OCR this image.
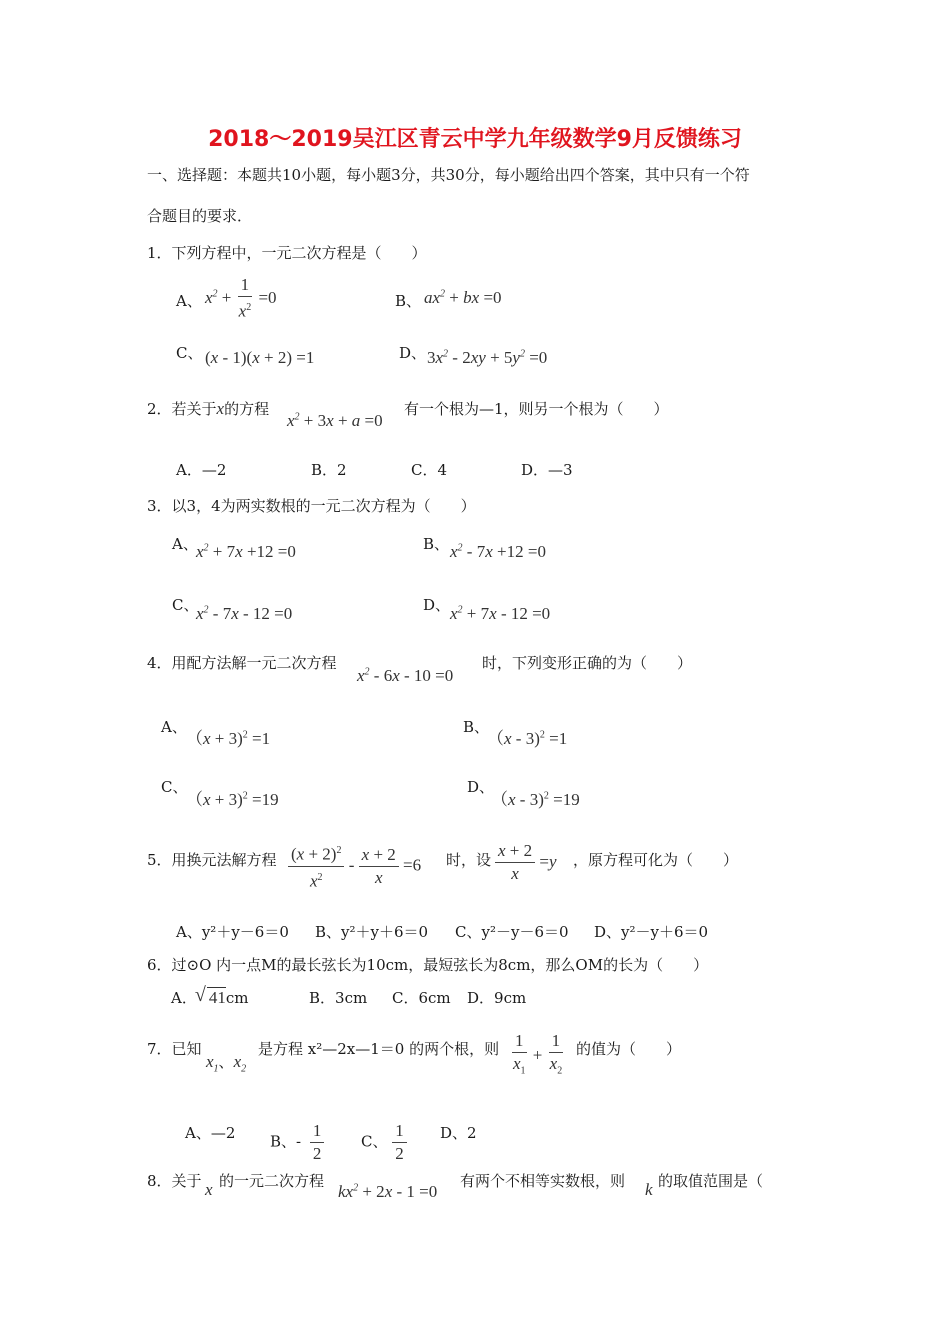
2018～2019吴江区青云中学九年级数学9月反馈练习
一、选择题：本题共10小题，每小题3分，共30分，每小题给出四个答案，其中只有一个符
合题目的要求．
1．下列方程中，一元二次方程是（　　）
A、 $x^2 + \frac{1}{x^2} =0$	B、 $ax^2$ + bx =0
C、 (x - 1)(x + 2) =1	D、 $3x^2 - 2xy + 5y^2 =0$
2．若关于x的方程
$x^2 + 3x + a =0$
有一个根为—1，则另一个根为（　　）
A．—2	B．2	C．4	D．—3
3．以3，4为两实数根的一元二次方程为（　　）
A、
$x^2 + 7x +12 =0$	B、 $x^2 - 7x +12 =0$
C、
$x^2 - 7x - 12 =0$	D、 $x^2 + 7x - 12 =0$
4．用配方法解一元二次方程
$x^2 - 6x - 10 =0$
时，下列变形正确的为（　　）
A、
（x + 3)$^2$ =1
B、
（x - 3)$^2$ =1
C、
（x + 3)$^2$ =19
D、
（x - 3)$^2$ =19
5．用换元法解方程 $\frac{(x + 2)^2}{x^2} - \frac{x + 2}{x} =6$ 时，设 $\frac{x + 2}{x} =y$ ，原方程可化为（　　）
A、y²＋y－6＝0 B、y²＋y＋6＝0 C、y²－y－6＝0 D、y²－y＋6＝0
6．过⊙O 内一点M的最长弦长为10cm，最短弦长为8cm，那么OM的长为（　　）
A．√ 41cm	B．3cm C．6cm D．9cm
7．已知
$x_1$、$x_2$
是方程 x²—2x—1＝0 的两个根，则 $\frac{1}{x_1} + \frac{1}{x_2}$ 的值为（　　）
A、—2 B、- $\frac{1}{2}$ C、 $\frac{1}{2}$ D、2
8．关于 x 的一元二次方程
$kx^2 + 2x - 1 =0$
有两个不相等实数根，则 k 的取值范围是（
